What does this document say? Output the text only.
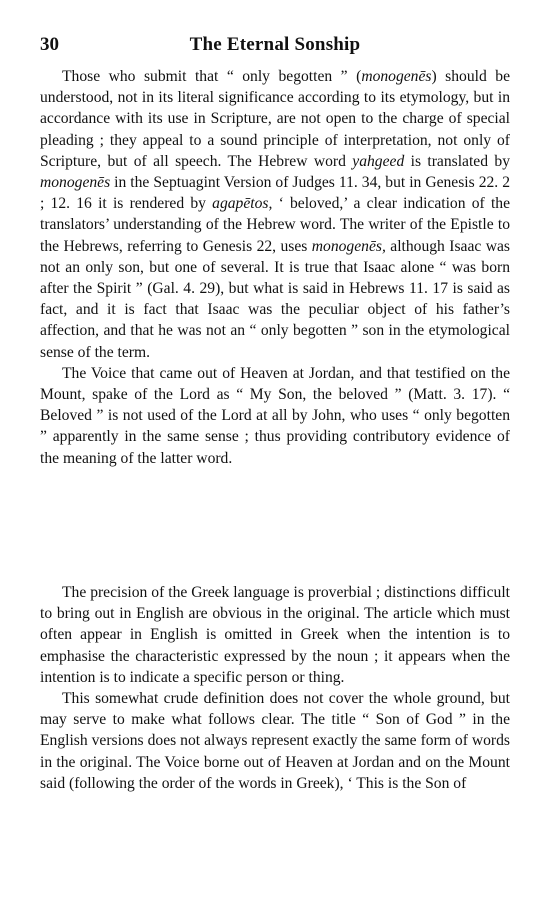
30	The Eternal Sonship

Those who submit that “ only begotten ” (monogenēs) should be understood, not in its literal significance according to its etymology, but in accordance with its use in Scripture, are not open to the charge of special pleading ; they appeal to a sound principle of interpretation, not only of Scripture, but of all speech. The Hebrew word yahgeed is translated by monogenēs in the Septuagint Version of Judges 11. 34, but in Genesis 22. 2 ; 12. 16 it is rendered by agapētos, ‘ beloved,’ a clear indication of the translators’ understanding of the Hebrew word. The writer of the Epistle to the Hebrews, referring to Genesis 22, uses monogenēs, although Isaac was not an only son, but one of several. It is true that Isaac alone “ was born after the Spirit ” (Gal. 4. 29), but what is said in Hebrews 11. 17 is said as fact, and it is fact that Isaac was the peculiar object of his father’s affection, and that he was not an “ only begotten ” son in the etymological sense of the term.

The Voice that came out of Heaven at Jordan, and that testified on the Mount, spake of the Lord as “ My Son, the beloved ” (Matt. 3. 17). “ Beloved ” is not used of the Lord at all by John, who uses “ only begotten ” apparently in the same sense ; thus providing contributory evidence of the meaning of the latter word.

The precision of the Greek language is proverbial ; distinctions difficult to bring out in English are obvious in the original. The article which must often appear in English is omitted in Greek when the intention is to emphasise the characteristic expressed by the noun ; it appears when the intention is to indicate a specific person or thing.

This somewhat crude definition does not cover the whole ground, but may serve to make what follows clear. The title “ Son of God ” in the English versions does not always represent exactly the same form of words in the original. The Voice borne out of Heaven at Jordan and on the Mount said (following the order of the words in Greek), ‘ This is the Son of
